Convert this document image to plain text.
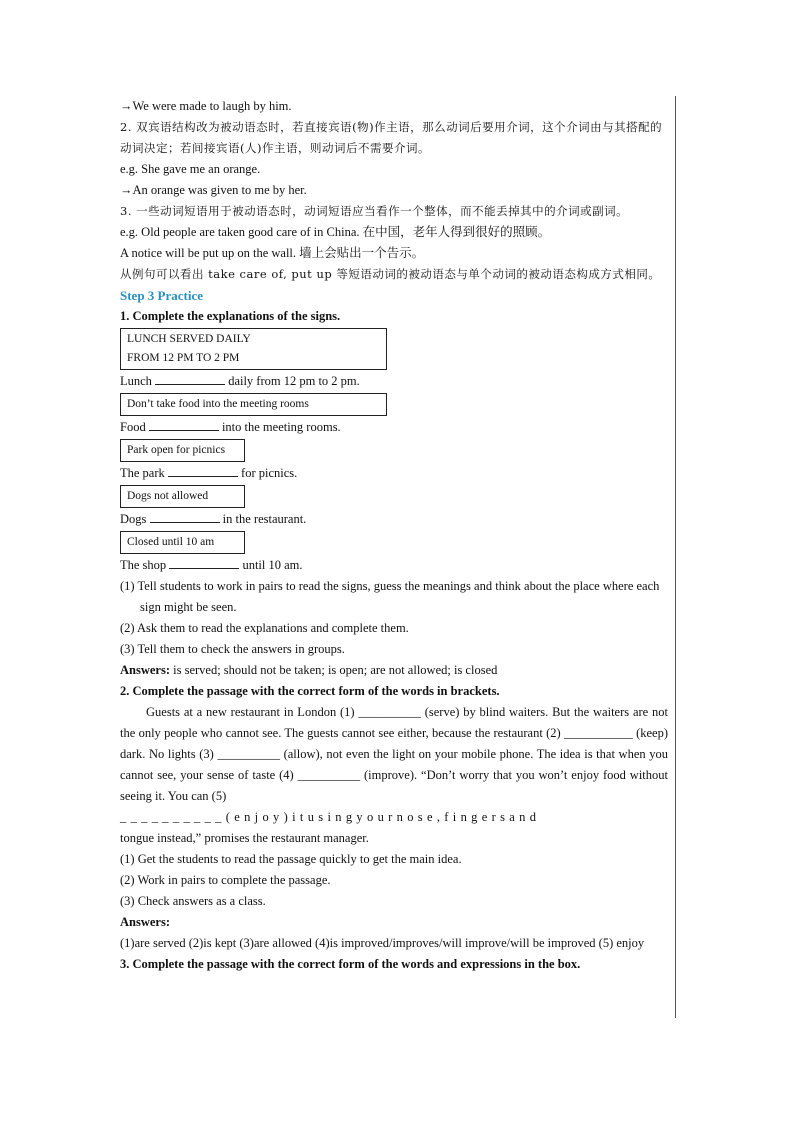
→We were made to laugh by him.
2. 双宾语结构改为被动语态时，若直接宾语(物)作主语，那么动词后要用介词，这个介词由与其搭配的动词决定；若间接宾语(人)作主语，则动词后不需要介词。
e.g. She gave me an orange.
→An orange was given to me by her.
3. 一些动词短语用于被动语态时，动词短语应当看作一个整体，而不能丢掉其中的介词或副词。
e.g. Old people are taken good care of in China. 在中国，老年人得到很好的照顾。
A notice will be put up on the wall. 墙上会贴出一个告示。
从例句可以看出 take care of, put up 等短语动词的被动语态与单个动词的被动语态构成方式相同。
Step 3 Practice
1. Complete the explanations of the signs.
LUNCH SERVED DAILY
FROM 12 PM TO 2 PM
Lunch	daily from 12 pm to 2 pm.
Don’t take food into the meeting rooms
Food	into the meeting rooms.
Park open for picnics
The park	for picnics.
Dogs not allowed
Dogs	in the restaurant.
Closed until 10 am
The shop	until 10 am.
(1) Tell students to work in pairs to read the signs, guess the meanings and think about the place where each sign might be seen.
(2) Ask them to read the explanations and complete them.
(3) Tell them to check the answers in groups.
Answers: is served; should not be taken; is open; are not allowed; is closed
2. Complete the passage with the correct form of the words in brackets.
Guests at a new restaurant in London (1) __________ (serve) by blind waiters. But the waiters are not the only people who cannot see. The guests cannot see either, because the restaurant (2) ___________ (keep) dark. No lights (3) __________ (allow), not even the light on your mobile phone. The idea is that when you cannot see, your sense of taste (4) __________ (improve). “Don’t worry that you won’t enjoy food without seeing it. You can (5)
_ _ _ _ _ _ _ _ _ _ ( e n j o y ) i t u s i n g y o u r n o s e , f i n g e r s a n d
tongue instead,” promises the restaurant manager.
(1) Get the students to read the passage quickly to get the main idea.
(2) Work in pairs to complete the passage.
(3) Check answers as a class.
Answers:
(1)are served (2)is kept (3)are allowed (4)is improved/improves/will improve/will be improved (5) enjoy
3. Complete the passage with the correct form of the words and expressions in the box.
